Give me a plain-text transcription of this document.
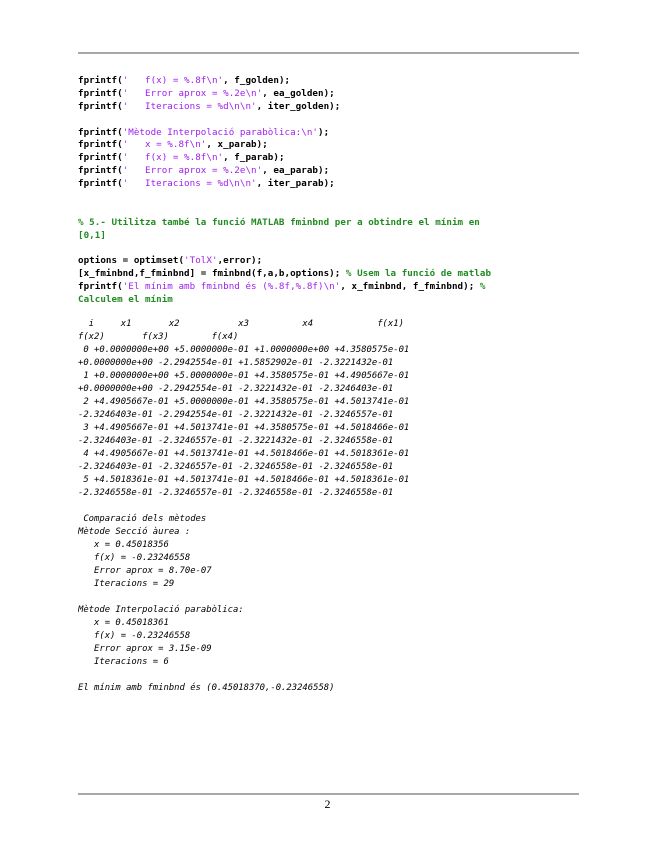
fprintf('   f(x) = %.8f\n', f_golden);
fprintf('   Error aprox = %.2e\n', ea_golden);
fprintf('   Iteracions = %d\n\n', iter_golden);

fprintf('Mètode Interpolació parabòlica:\n');
fprintf('   x = %.8f\n', x_parab);
fprintf('   f(x) = %.8f\n', f_parab);
fprintf('   Error aprox = %.2e\n', ea_parab);
fprintf('   Iteracions = %d\n\n', iter_parab);

% 5.- Utilitza també la funció MATLAB fminbnd per a obtindre el mínim en
[0,1]

options = optimset('TolX',error);
[x_fminbnd,f_fminbnd] = fminbnd(f,a,b,options); % Usem la funció de matlab
fprintf('El mínim amb fminbnd és (%.8f,%.8f)\n', x_fminbnd, f_fminbnd); %
Calculem el mínim
i     x1       x2           x3          x4            f(x1)
f(x2)       f(x3)        f(x4)
0 +0.0000000e+00 +5.0000000e-01 +1.0000000e+00 +4.3580575e-01
+0.0000000e+00 -2.2942554e-01 +1.5852902e-01 -2.3221432e-01
1 +0.0000000e+00 +5.0000000e-01 +4.3580575e-01 +4.4905667e-01
+0.0000000e+00 -2.2942554e-01 -2.3221432e-01 -2.3246403e-01
2 +4.4905667e-01 +5.0000000e-01 +4.3580575e-01 +4.5013741e-01
-2.3246403e-01 -2.2942554e-01 -2.3221432e-01 -2.3246557e-01
3 +4.4905667e-01 +4.5013741e-01 +4.3580575e-01 +4.5018466e-01
-2.3246403e-01 -2.3246557e-01 -2.3221432e-01 -2.3246558e-01
4 +4.4905667e-01 +4.5013741e-01 +4.5018466e-01 +4.5018361e-01
-2.3246403e-01 -2.3246557e-01 -2.3246558e-01 -2.3246558e-01
5 +4.5018361e-01 +4.5013741e-01 +4.5018466e-01 +4.5018361e-01
-2.3246558e-01 -2.3246557e-01 -2.3246558e-01 -2.3246558e-01

Comparació dels mètodes
Mètode Secció àurea :
x = 0.45018356
f(x) = -0.23246558
Error aprox = 8.70e-07
Iteracions = 29

Mètode Interpolació parabòlica:
x = 0.45018361
f(x) = -0.23246558
Error aprox = 3.15e-09
Iteracions = 6

El mínim amb fminbnd és (0.45018370,-0.23246558)
2
